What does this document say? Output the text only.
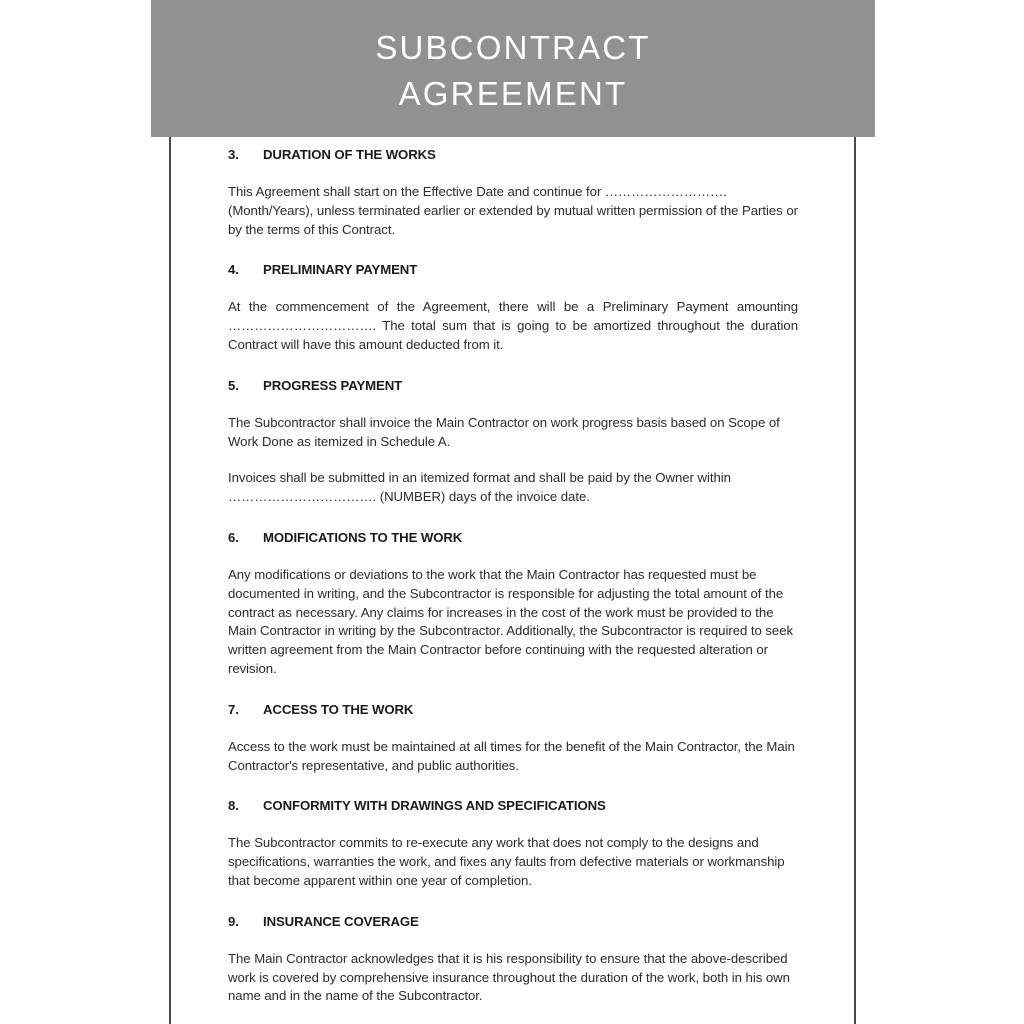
SUBCONTRACT
AGREEMENT
3.	DURATION OF THE WORKS

This Agreement shall start on the Effective Date and continue for ………………………. (Month/Years), unless terminated earlier or extended by mutual written permission of the Parties or by the terms of this Contract.

4.	PRELIMINARY PAYMENT

At the commencement of the Agreement, there will be a Preliminary Payment amounting ……………………………. The total sum that is going to be amortized throughout the duration Contract will have this amount deducted from it.

5.	PROGRESS PAYMENT

The Subcontractor shall invoice the Main Contractor on work progress basis based on Scope of Work Done as itemized in Schedule A.

Invoices shall be submitted in an itemized format and shall be paid by the Owner within ……………………………. (NUMBER) days of the invoice date.

6.	MODIFICATIONS TO THE WORK

Any modifications or deviations to the work that the Main Contractor has requested must be documented in writing, and the Subcontractor is responsible for adjusting the total amount of the contract as necessary. Any claims for increases in the cost of the work must be provided to the Main Contractor in writing by the Subcontractor. Additionally, the Subcontractor is required to seek written agreement from the Main Contractor before continuing with the requested alteration or revision.

7.	ACCESS TO THE WORK

Access to the work must be maintained at all times for the benefit of the Main Contractor, the Main Contractor's representative, and public authorities.

8.	CONFORMITY WITH DRAWINGS AND SPECIFICATIONS

The Subcontractor commits to re-execute any work that does not comply to the designs and specifications, warranties the work, and fixes any faults from defective materials or workmanship that become apparent within one year of completion.

9.	INSURANCE COVERAGE

The Main Contractor acknowledges that it is his responsibility to ensure that the above-described work is covered by comprehensive insurance throughout the duration of the work, both in his own name and in the name of the Subcontractor.
